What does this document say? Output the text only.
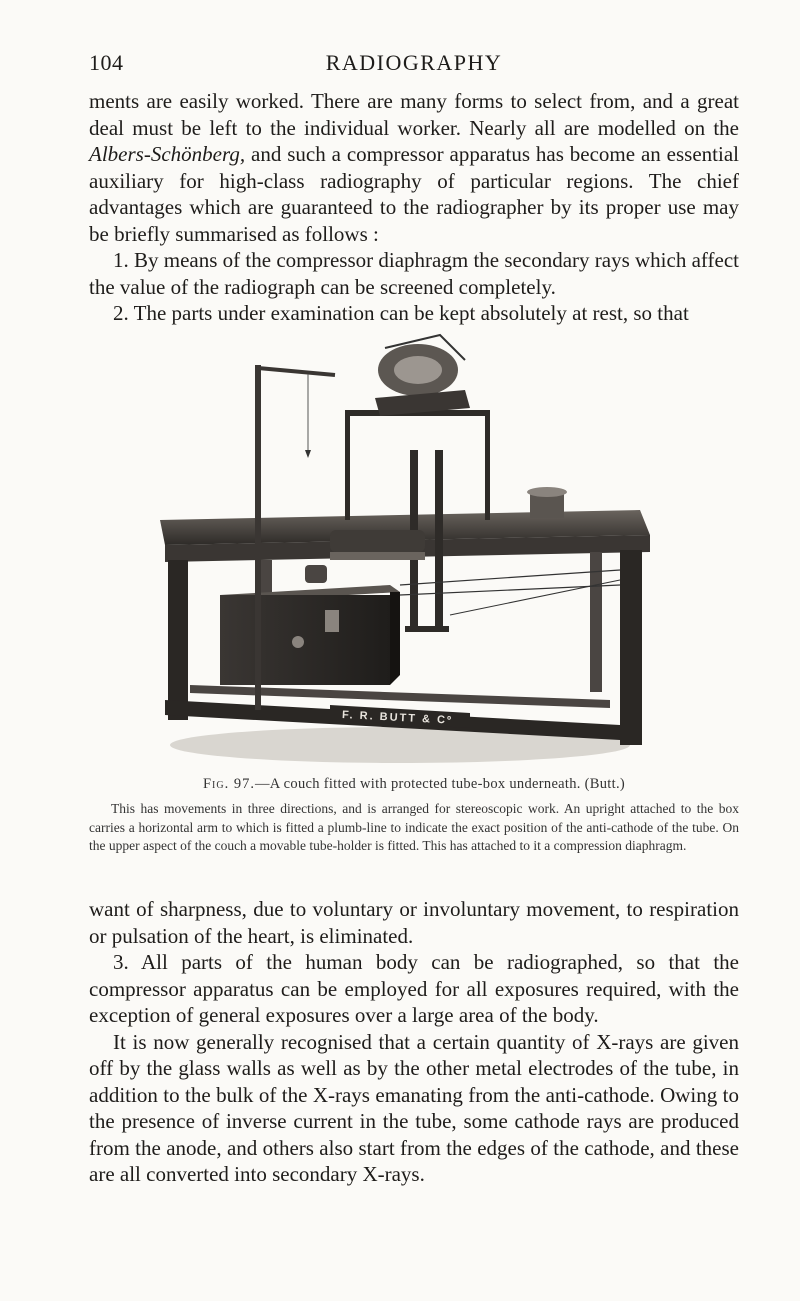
104	RADIOGRAPHY

ments are easily worked. There are many forms to select from, and a great deal must be left to the individual worker. Nearly all are modelled on the Albers-Schönberg, and such a compressor apparatus has become an essential auxiliary for high-class radiography of particular regions. The chief advantages which are guaranteed to the radiographer by its proper use may be briefly summarised as follows :

1. By means of the compressor diaphragm the secondary rays which affect the value of the radiograph can be screened completely.

2. The parts under examination can be kept absolutely at rest, so that

F. R. BUTT & Cº
Fig. 97.—A couch fitted with protected tube-box underneath. (Butt.)
This has movements in three directions, and is arranged for stereoscopic work. An upright attached to the box carries a horizontal arm to which is fitted a plumb-line to indicate the exact position of the anti-cathode of the tube. On the upper aspect of the couch a movable tube-holder is fitted. This has attached to it a compression diaphragm.

want of sharpness, due to voluntary or involuntary movement, to respiration or pulsation of the heart, is eliminated.

3. All parts of the human body can be radiographed, so that the compressor apparatus can be employed for all exposures required, with the exception of general exposures over a large area of the body.

It is now generally recognised that a certain quantity of X-rays are given off by the glass walls as well as by the other metal electrodes of the tube, in addition to the bulk of the X-rays emanating from the anti-cathode. Owing to the presence of inverse current in the tube, some cathode rays are produced from the anode, and others also start from the edges of the cathode, and these are all converted into secondary X-rays.
